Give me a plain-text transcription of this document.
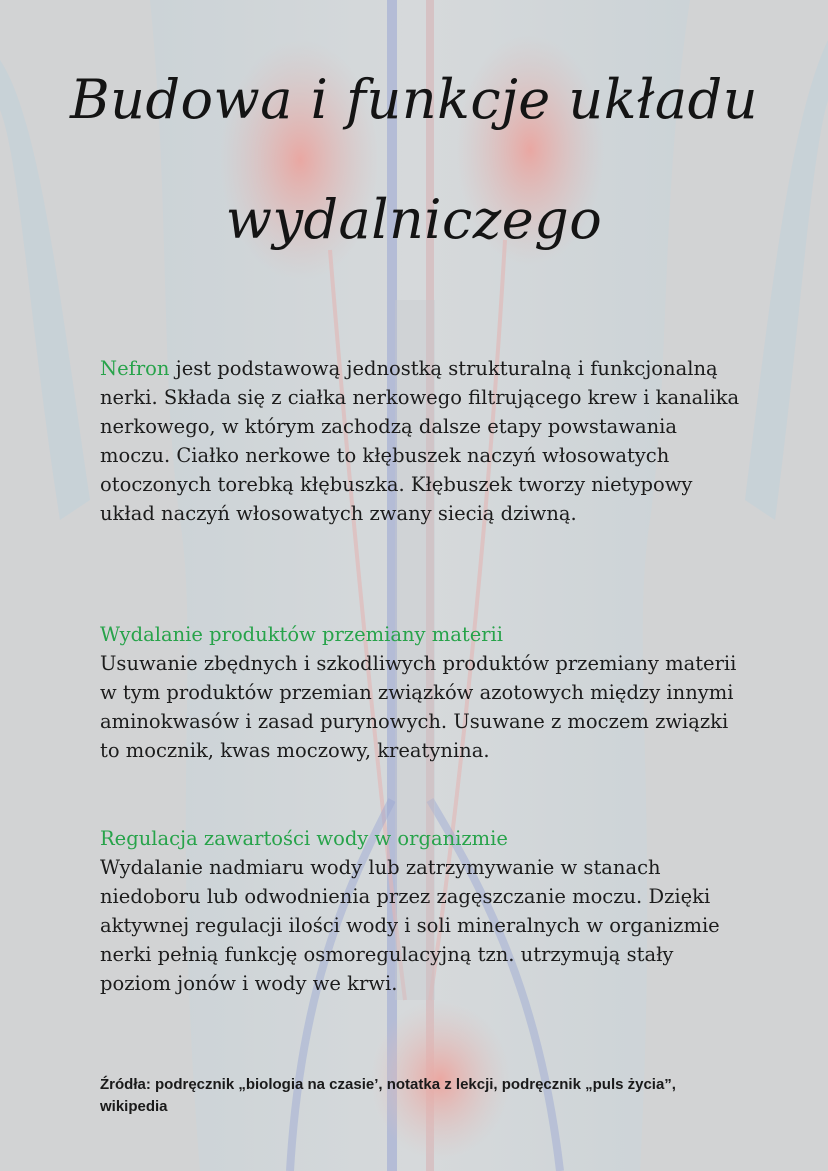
Budowa i funkcje układu
wydalniczego
Nefron jest podstawową jednostką strukturalną i funkcjonalną nerki. Składa się z ciałka nerkowego filtrującego krew i kanalika nerkowego, w którym zachodzą dalsze etapy powstawania moczu. Ciałko nerkowe to kłębuszek naczyń włosowatych otoczonych torebką kłębuszka. Kłębuszek tworzy nietypowy układ naczyń włosowatych zwany siecią dziwną.
Wydalanie produktów przemiany materii
Usuwanie zbędnych i szkodliwych produktów przemiany materii w tym produktów przemian związków azotowych między innymi aminokwasów i zasad purynowych. Usuwane z moczem związki to mocznik, kwas moczowy, kreatynina.
Regulacja zawartości wody w organizmie
Wydalanie nadmiaru wody lub zatrzymywanie w stanach niedoboru lub odwodnienia przez zagęszczanie moczu. Dzięki aktywnej regulacji ilości wody i soli mineralnych w organizmie nerki pełnią funkcję osmoregulacyjną tzn. utrzymują stały poziom jonów i wody we krwi.
Źródła: podręcznik „biologia na czasie’, notatka z lekcji, podręcznik „puls życia”, wikipedia
